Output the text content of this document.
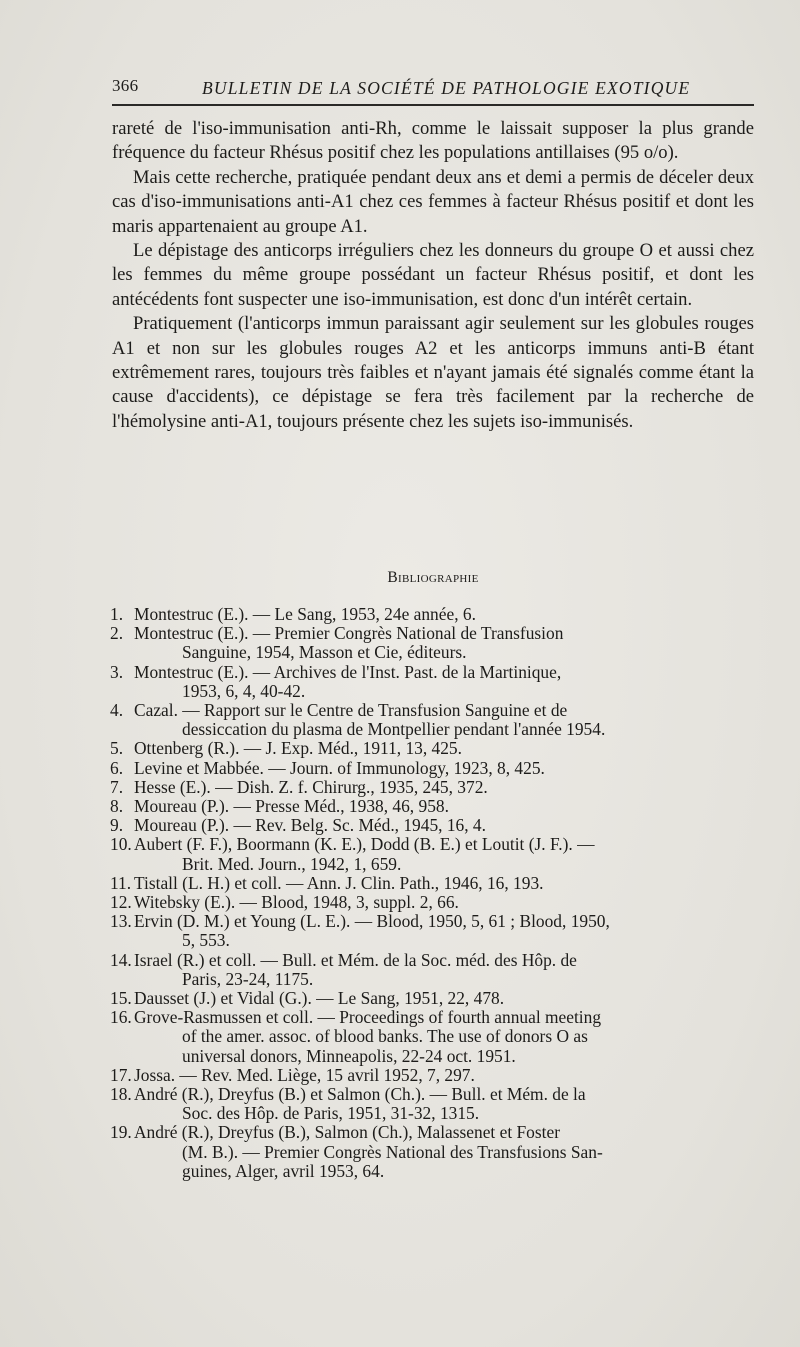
366	BULLETIN DE LA SOCIÉTÉ DE PATHOLOGIE EXOTIQUE

rareté de l'iso-immunisation anti-Rh, comme le laissait supposer la plus grande fréquence du facteur Rhésus positif chez les populations antillaises (95 o/o).

Mais cette recherche, pratiquée pendant deux ans et demi a permis de déceler deux cas d'iso-immunisations anti-A1 chez ces femmes à facteur Rhésus positif et dont les maris appartenaient au groupe A1.

Le dépistage des anticorps irréguliers chez les donneurs du groupe O et aussi chez les femmes du même groupe possédant un facteur Rhésus positif, et dont les antécédents font suspecter une iso-immunisation, est donc d'un intérêt certain.

Pratiquement (l'anticorps immun paraissant agir seulement sur les globules rouges A1 et non sur les globules rouges A2 et les anticorps immuns anti-B étant extrêmement rares, toujours très faibles et n'ayant jamais été signalés comme étant la cause d'accidents), ce dépistage se fera très facilement par la recherche de l'hémolysine anti-A1, toujours présente chez les sujets iso-immunisés.

Bibliographie
1. Montestruc (E.). — Le Sang, 1953, 24e année, 6.
2. Montestruc (E.). — Premier Congrès National de Transfusion
Sanguine, 1954, Masson et Cie, éditeurs.
3. Montestruc (E.). — Archives de l'Inst. Past. de la Martinique,
1953, 6, 4, 40-42.
4. Cazal. — Rapport sur le Centre de Transfusion Sanguine et de
dessiccation du plasma de Montpellier pendant l'année 1954.
5. Ottenberg (R.). — J. Exp. Méd., 1911, 13, 425.
6. Levine et Mabbée. — Journ. of Immunology, 1923, 8, 425.
7. Hesse (E.). — Dish. Z. f. Chirurg., 1935, 245, 372.
8. Moureau (P.). — Presse Méd., 1938, 46, 958.
9. Moureau (P.). — Rev. Belg. Sc. Méd., 1945, 16, 4.
10. Aubert (F. F.), Boormann (K. E.), Dodd (B. E.) et Loutit (J. F.). —
Brit. Med. Journ., 1942, 1, 659.
11. Tistall (L. H.) et coll. — Ann. J. Clin. Path., 1946, 16, 193.
12. Witebsky (E.). — Blood, 1948, 3, suppl. 2, 66.
13. Ervin (D. M.) et Young (L. E.). — Blood, 1950, 5, 61 ; Blood, 1950,
5, 553.
14. Israel (R.) et coll. — Bull. et Mém. de la Soc. méd. des Hôp. de
Paris, 23-24, 1175.
15. Dausset (J.) et Vidal (G.). — Le Sang, 1951, 22, 478.
16. Grove-Rasmussen et coll. — Proceedings of fourth annual meeting
of the amer. assoc. of blood banks. The use of donors O as
universal donors, Minneapolis, 22-24 oct. 1951.
17. Jossa. — Rev. Med. Liège, 15 avril 1952, 7, 297.
18. André (R.), Dreyfus (B.) et Salmon (Ch.). — Bull. et Mém. de la
Soc. des Hôp. de Paris, 1951, 31-32, 1315.
19. André (R.), Dreyfus (B.), Salmon (Ch.), Malassenet et Foster
(M. B.). — Premier Congrès National des Transfusions San-
guines, Alger, avril 1953, 64.
